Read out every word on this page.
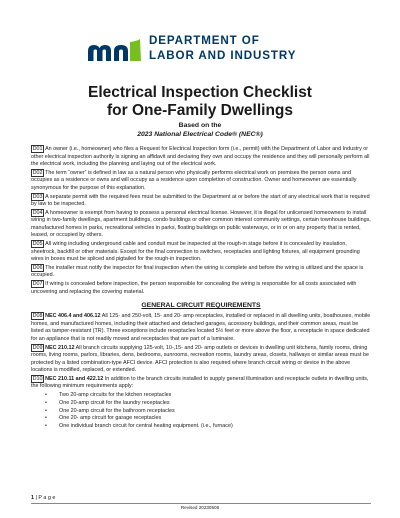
DEPARTMENT OF
LABOR AND INDUSTRY
Electrical Inspection Checklist
for One-Family Dwellings
Based on the
2023 National Electrical Code® (NEC®)
D01 An owner (i.e., homeowner) who files a Request for Electrical Inspection form (i.e., permit) with the Department of Labor and Industry or other electrical inspection authority is signing an affidavit and declaring they own and occupy the residence and they will personally perform all the electrical work, including the planning and laying out of the electrical work.
D02 The term “owner” is defined in law as a natural person who physically performs electrical work on premises the person owns and occupies as a residence or owns and will occupy as a residence upon completion of construction. Owner and homeowner are essentially synonymous for the purpose of this explanation.
D03 A separate permit with the required fees must be submitted to the Department at or before the start of any electrical work that is required by law to be inspected.
D04 A homeowner is exempt from having to possess a personal electrical license. However, it is illegal for unlicensed homeowners to install wiring in two-family dwellings, apartment buildings, condo buildings or other common interest community settings, certain townhouse buildings, manufactured homes in parks, recreational vehicles in parks, floating buildings on public waterways, or in or on any property that is rented, leased, or occupied by others.
D05 All wiring including underground cable and conduit must be inspected at the rough-in stage before it is concealed by insulation, sheetrock, backfill or other materials. Except for the final connection to switches, receptacles and lighting fixtures, all equipment grounding wires in boxes must be spliced and pigtailed for the rough-in inspection.
D06 The installer must notify the inspector for final inspection when the wiring is complete and before the wiring is utilized and the space is occupied.
D07 If wiring is concealed before inspection, the person responsible for concealing the wiring is responsible for all costs associated with uncovering and replacing the covering material.
GENERAL CIRCUIT REQUIREMENTS
D08 NEC 406.4 and 406.12 All 125- and 250-volt, 15- and 20- amp receptacles, installed or replaced in all dwelling units, boathouses, mobile homes, and manufactured homes, including their attached and detached garages, accessory buildings, and their common areas, must be listed as tamper-resistant (TR). Three exceptions include receptacles located 5½ feet or more above the floor, a receptacle in space dedicated for an appliance that is not readily moved and receptacles that are part of a luminaire.
D09 NEC 210.12 All branch circuits supplying 125-volt, 10-,15- and 20- amp outlets or devices in dwelling unit kitchens, family rooms, dining rooms, living rooms, parlors, libraries, dens, bedrooms, sunrooms, recreation rooms, laundry areas, closets, hallways or similar areas must be protected by a listed combination-type AFCI device. AFCI protection is also required where branch circuit wiring or device in the above locations is modified, replaced, or extended.
D10 NEC 210.11 and 422.12 In addition to the branch circuits installed to supply general illumination and receptacle outlets in dwelling units, the following minimum requirements apply:
• Two 20-amp circuits for the kitchen receptacles
• One 20-amp circuit for the laundry receptacles
• One 20-amp circuit for the bathroom receptacles
• One 20- amp circuit for garage receptacles
• One individual branch circuit for central heating equipment. (i.e., furnace)
1 | P a g e
Revised 20230506
